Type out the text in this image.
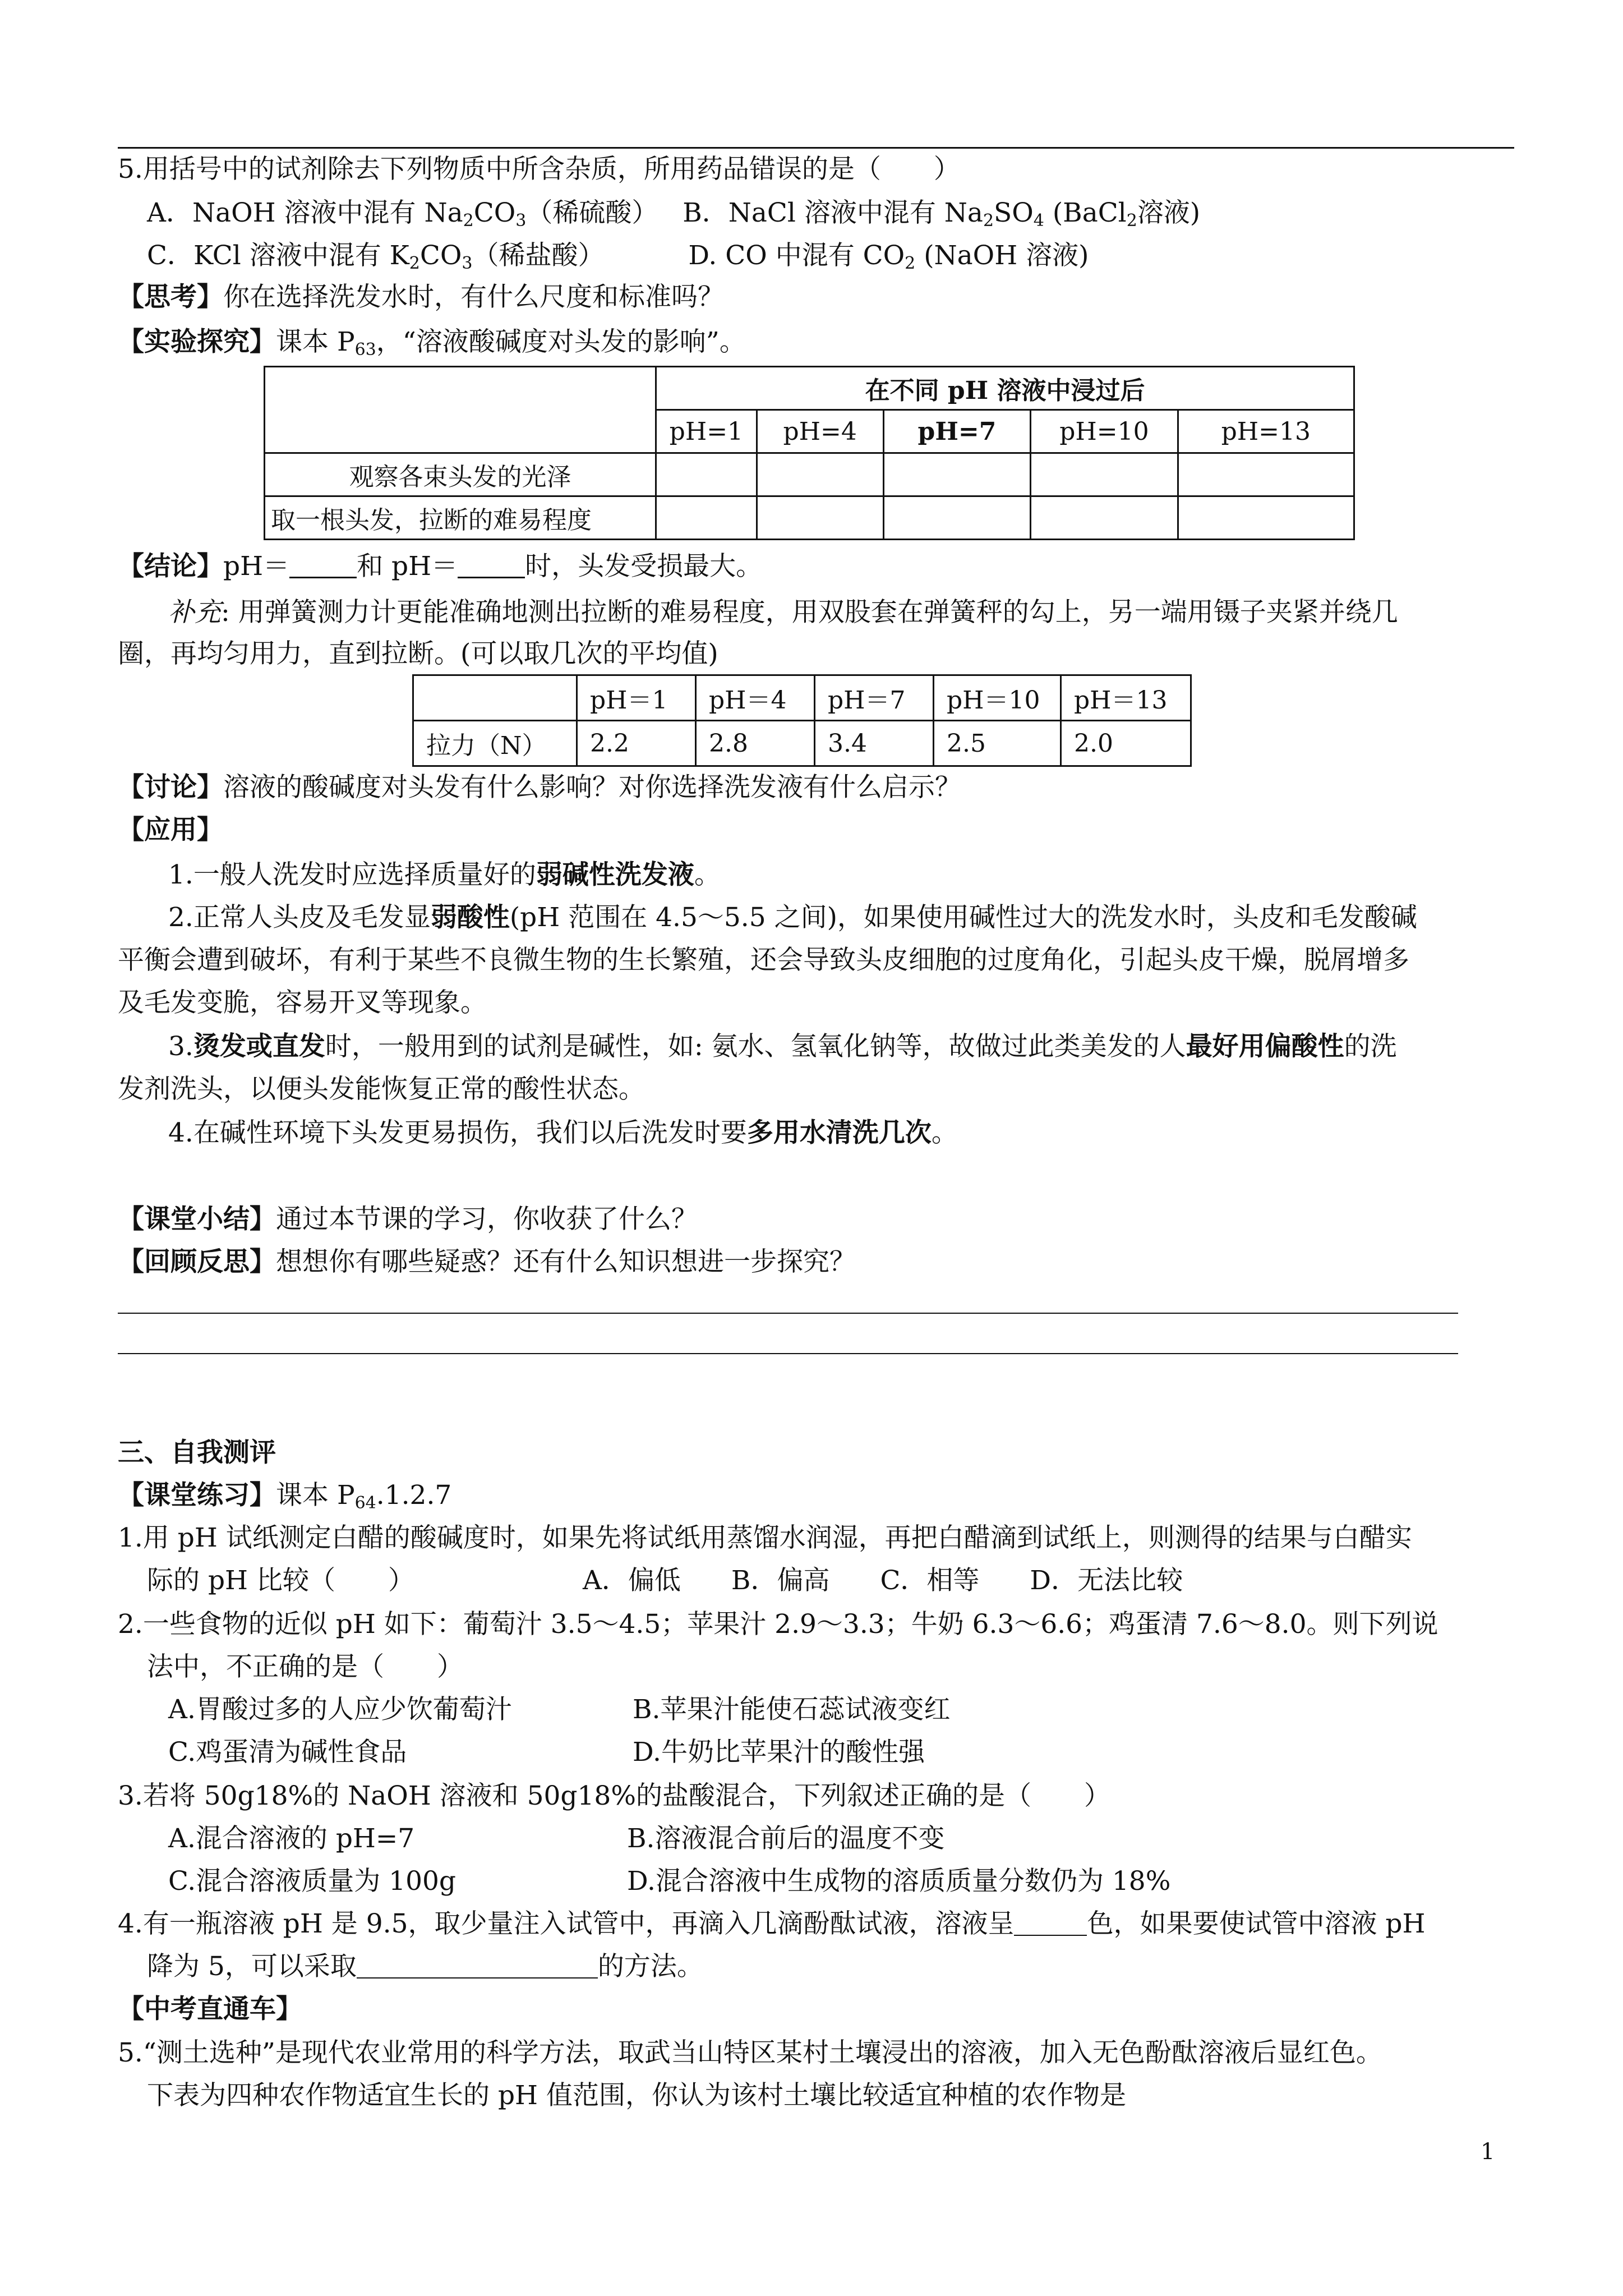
5.用括号中的试剂除去下列物质中所含杂质，所用药品错误的是（　　）
A．NaOH 溶液中混有 $Na_2CO_3$（稀硫酸） B．NaCl 溶液中混有 $Na_2SO_4$ (BaCl$_2$溶液)
C．KCl 溶液中混有 $K_2CO_3$（稀盐酸）	D. CO 中混有 $CO_2$ (NaOH 溶液)
【思考】你在选择洗发水时，有什么尺度和标准吗？
【实验探究】课本 $P_{63}$，“溶液酸碱度对头发的影响”。
	在不同 pH 溶液中浸过后				
	pH=1	pH=4	pH=7	pH=10	pH=13
观察各束头发的光泽					
取一根头发，拉断的难易程度					
【结论】pH＝	和 pH＝	时，头发受损最大。
补充: 用弹簧测力计更能准确地测出拉断的难易程度，用双股套在弹簧秤的勾上，另一端用镊子夹紧并绕几
圈，再均匀用力，直到拉断。(可以取几次的平均值)
	pH＝1	pH＝4	pH＝7	pH＝10	pH＝13
拉力（N）	2.2	2.8	3.4	2.5	2.0
【讨论】溶液的酸碱度对头发有什么影响？对你选择洗发液有什么启示？
【应用】
1.一般人洗发时应选择质量好的弱碱性洗发液。
2.正常人头皮及毛发显弱酸性(pH 范围在 4.5～5.5 之间)，如果使用碱性过大的洗发水时，头皮和毛发酸碱
平衡会遭到破坏，有利于某些不良微生物的生长繁殖，还会导致头皮细胞的过度角化，引起头皮干燥，脱屑增多
及毛发变脆，容易开叉等现象。
3.烫发或直发时，一般用到的试剂是碱性，如: 氨水、氢氧化钠等，故做过此类美发的人最好用偏酸性的洗
发剂洗头，以便头发能恢复正常的酸性状态。
4.在碱性环境下头发更易损伤，我们以后洗发时要多用水清洗几次。
【课堂小结】通过本节课的学习，你收获了什么？
【回顾反思】想想你有哪些疑惑？还有什么知识想进一步探究？
三、自我测评
【课堂练习】课本 $P_{64}.1.2.7$
1.用 pH 试纸测定白醋的酸碱度时，如果先将试纸用蒸馏水润湿，再把白醋滴到试纸上，则测得的结果与白醋实
际的 pH 比较（　　）	A．偏低 B．偏高 C．相等 D．无法比较
2.一些食物的近似 pH 如下：葡萄汁 3.5～4.5；苹果汁 2.9～3.3；牛奶 6.3～6.6；鸡蛋清 7.6～8.0。则下列说
法中，不正确的是（　　）
A.胃酸过多的人应少饮葡萄汁	B.苹果汁能使石蕊试液变红
C.鸡蛋清为碱性食品	D.牛奶比苹果汁的酸性强
3.若将 50g18%的 NaOH 溶液和 50g18%的盐酸混合，下列叙述正确的是（　　）
A.混合溶液的 pH=7	B.溶液混合前后的温度不变
C.混合溶液质量为 100g	D.混合溶液中生成物的溶质质量分数仍为 18%
4.有一瓶溶液 pH 是 9.5，取少量注入试管中，再滴入几滴酚酞试液，溶液呈	色，如果要使试管中溶液 pH
降为 5，可以采取	的方法。
【中考直通车】
5.“测土选种”是现代农业常用的科学方法，取武当山特区某村土壤浸出的溶液，加入无色酚酞溶液后显红色。
下表为四种农作物适宜生长的 pH 值范围，你认为该村土壤比较适宜种植的农作物是
1
